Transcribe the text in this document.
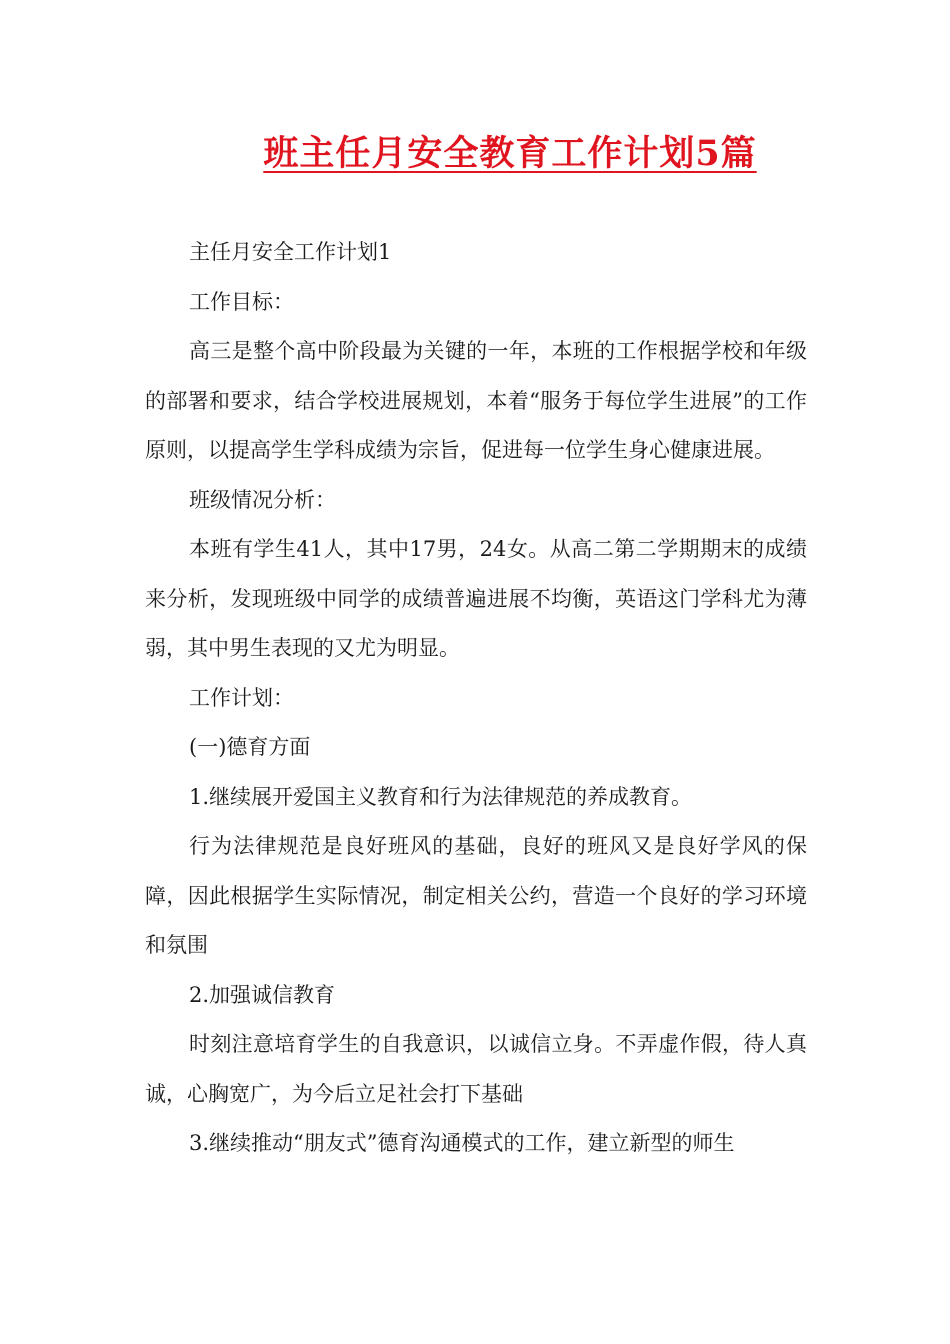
班主任月安全教育工作计划5篇

主任月安全工作计划1

工作目标：

高三是整个高中阶段最为关键的一年，本班的工作根据学校和年级的部署和要求，结合学校进展规划，本着“服务于每位学生进展”的工作原则，以提高学生学科成绩为宗旨，促进每一位学生身心健康进展。

班级情况分析：

本班有学生41人，其中17男，24女。从高二第二学期期末的成绩来分析，发现班级中同学的成绩普遍进展不均衡，英语这门学科尤为薄弱，其中男生表现的又尤为明显。

工作计划：

(一)德育方面

1.继续展开爱国主义教育和行为法律规范的养成教育。

行为法律规范是良好班风的基础，良好的班风又是良好学风的保障，因此根据学生实际情况，制定相关公约，营造一个良好的学习环境和氛围

2.加强诚信教育

时刻注意培育学生的自我意识，以诚信立身。不弄虚作假，待人真诚，心胸宽广，为今后立足社会打下基础

3.继续推动“朋友式”德育沟通模式的工作，建立新型的师生
